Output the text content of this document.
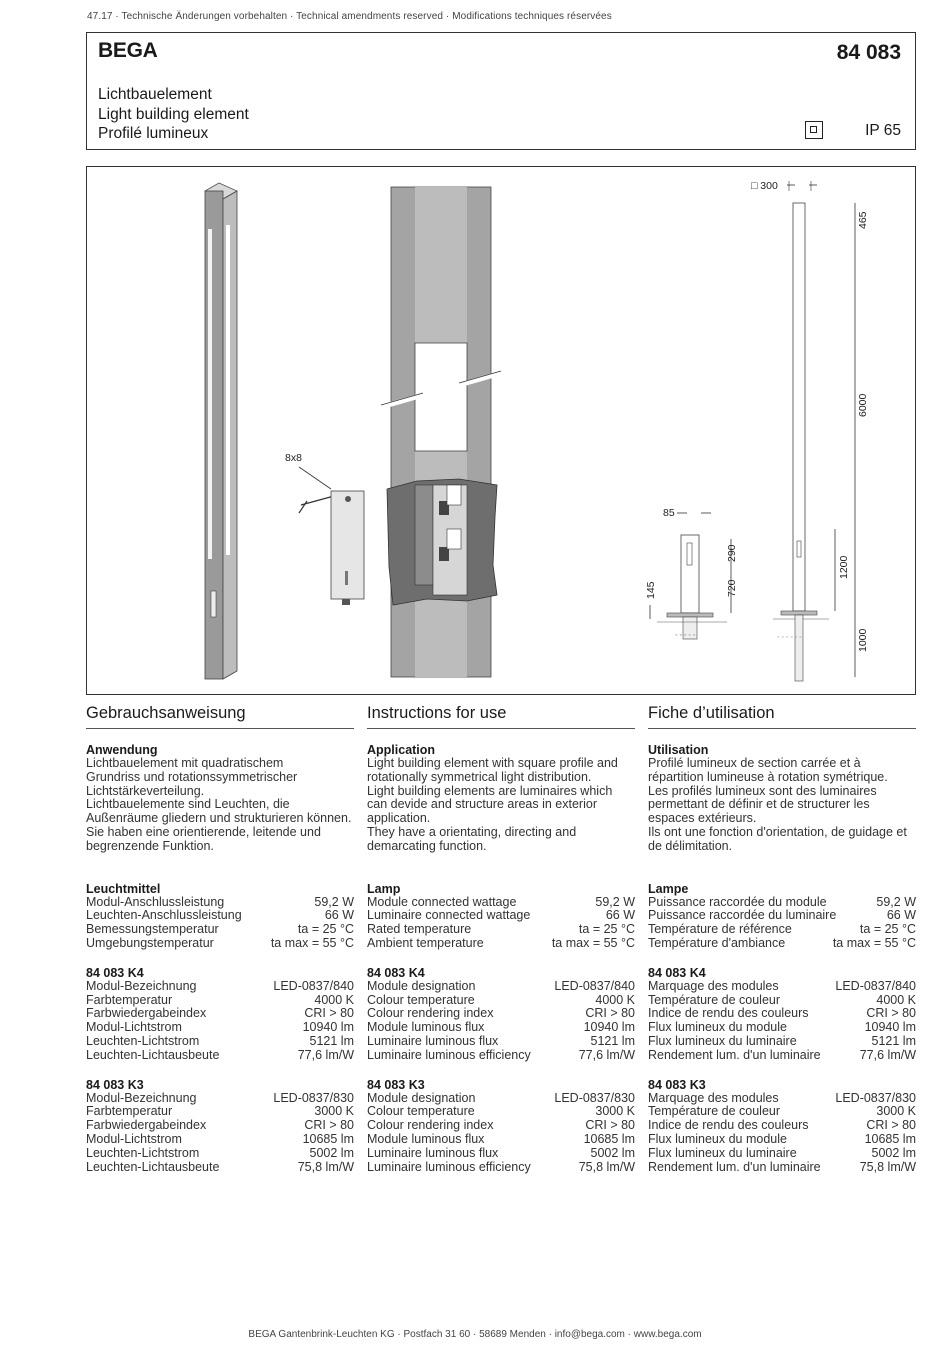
47.17 · Technische Änderungen vorbehalten · Technical amendments reserved · Modifications techniques réservées
BEGA	84 083
Lichtbauelement
Light building element
Profilé lumineux	IP 65
8x8
85
◦ ◦ ◦ ◦ ◦
145	720
290
□ 300
◦ ◦ ◦ ◦ ◦ ◦
465
6000
1200
1000
Gebrauchsanweisung
Anwendung
Lichtbauelement mit quadratischem
Grundriss und rotationssymmetrischer
Lichtstärkeverteilung.
Lichtbauelemente sind Leuchten, die
Außenräume gliedern und strukturieren können.
Sie haben eine orientierende, leitende und
begrenzende Funktion.
Leuchtmittel
Modul-Anschlussleistung	59,2 W
Leuchten-Anschlussleistung	66 W
Bemessungstemperatur	ta = 25 °C
Umgebungstemperatur	ta max = 55 °C
84 083 K4
Modul-Bezeichnung	LED-0837/840
Farbtemperatur	4000 K
Farbwiedergabeindex	CRI > 80
Modul-Lichtstrom	10940 lm
Leuchten-Lichtstrom	5121 lm
Leuchten-Lichtausbeute	77,6 lm/W
84 083 K3
Modul-Bezeichnung	LED-0837/830
Farbtemperatur	3000 K
Farbwiedergabeindex	CRI > 80
Modul-Lichtstrom	10685 lm
Leuchten-Lichtstrom	5002 lm
Leuchten-Lichtausbeute	75,8 lm/W
Instructions for use
Application
Light building element with square profile and
rotationally symmetrical light distribution.
Light building elements are luminaires which
can devide and structure areas in exterior
application.
They have a orientating, directing and
demarcating function.
Lamp
Module connected wattage	59,2 W
Luminaire connected wattage	66 W
Rated temperature	ta = 25 °C
Ambient temperature	ta max = 55 °C
84 083 K4
Module designation	LED-0837/840
Colour temperature	4000 K
Colour rendering index	CRI > 80
Module luminous flux	10940 lm
Luminaire luminous flux	5121 lm
Luminaire luminous efficiency	77,6 lm/W
84 083 K3
Module designation	LED-0837/830
Colour temperature	3000 K
Colour rendering index	CRI > 80
Module luminous flux	10685 lm
Luminaire luminous flux	5002 lm
Luminaire luminous efficiency	75,8 lm/W
Fiche d’utilisation
Utilisation
Profilé lumineux de section carrée et à
répartition lumineuse à rotation symétrique.
Les profilés lumineux sont des luminaires
permettant de définir et de structurer les
espaces extérieurs.
Ils ont une fonction d'orientation, de guidage et
de délimitation.
Lampe
Puissance raccordée du module	59,2 W
Puissance raccordée du luminaire	66 W
Température de référence	ta = 25 °C
Température d'ambiance	ta max = 55 °C
84 083 K4
Marquage des modules	LED-0837/840
Température de couleur	4000 K
Indice de rendu des couleurs	CRI > 80
Flux lumineux du module	10940 lm
Flux lumineux du luminaire	5121 lm
Rendement lum. d'un luminaire	77,6 lm/W
84 083 K3
Marquage des modules	LED-0837/830
Température de couleur	3000 K
Indice de rendu des couleurs	CRI > 80
Flux lumineux du module	10685 lm
Flux lumineux du luminaire	5002 lm
Rendement lum. d'un luminaire	75,8 lm/W
BEGA Gantenbrink-Leuchten KG · Postfach 31 60 · 58689 Menden · info@bega.com · www.bega.com
